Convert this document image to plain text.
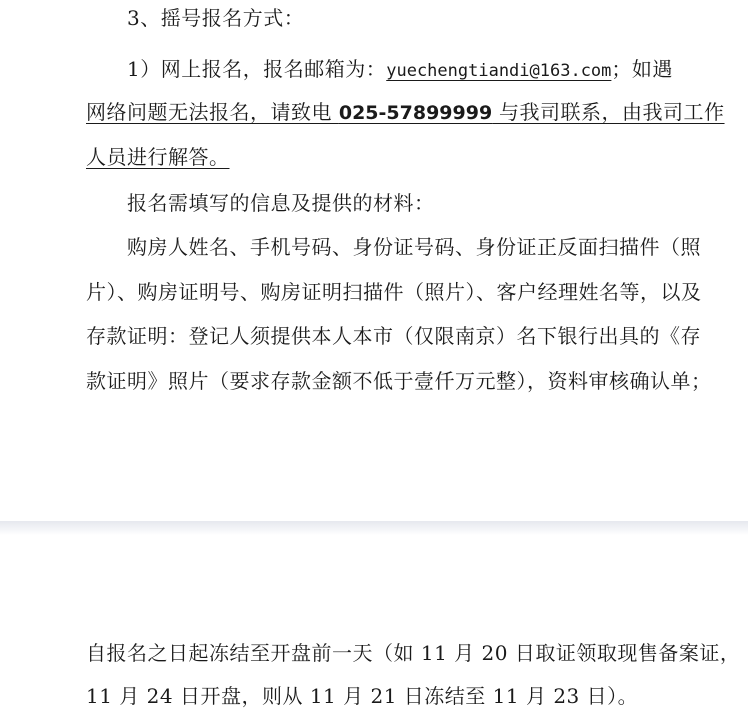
3、摇号报名方式：
1）网上报名，报名邮箱为：yuechengtiandi@163.com；如遇
网络问题无法报名，请致电 025-57899999 与我司联系，由我司工作
人员进行解答。
报名需填写的信息及提供的材料：
购房人姓名、手机号码、身份证号码、身份证正反面扫描件（照
片）、购房证明号、购房证明扫描件（照片）、客户经理姓名等，以及
存款证明：登记人须提供本人本市（仅限南京）名下银行出具的《存
款证明》照片（要求存款金额不低于壹仟万元整），资料审核确认单；
自报名之日起冻结至开盘前一天（如 11 月 20 日取证领取现售备案证，
11 月 24 日开盘，则从 11 月 21 日冻结至 11 月 23 日）。
